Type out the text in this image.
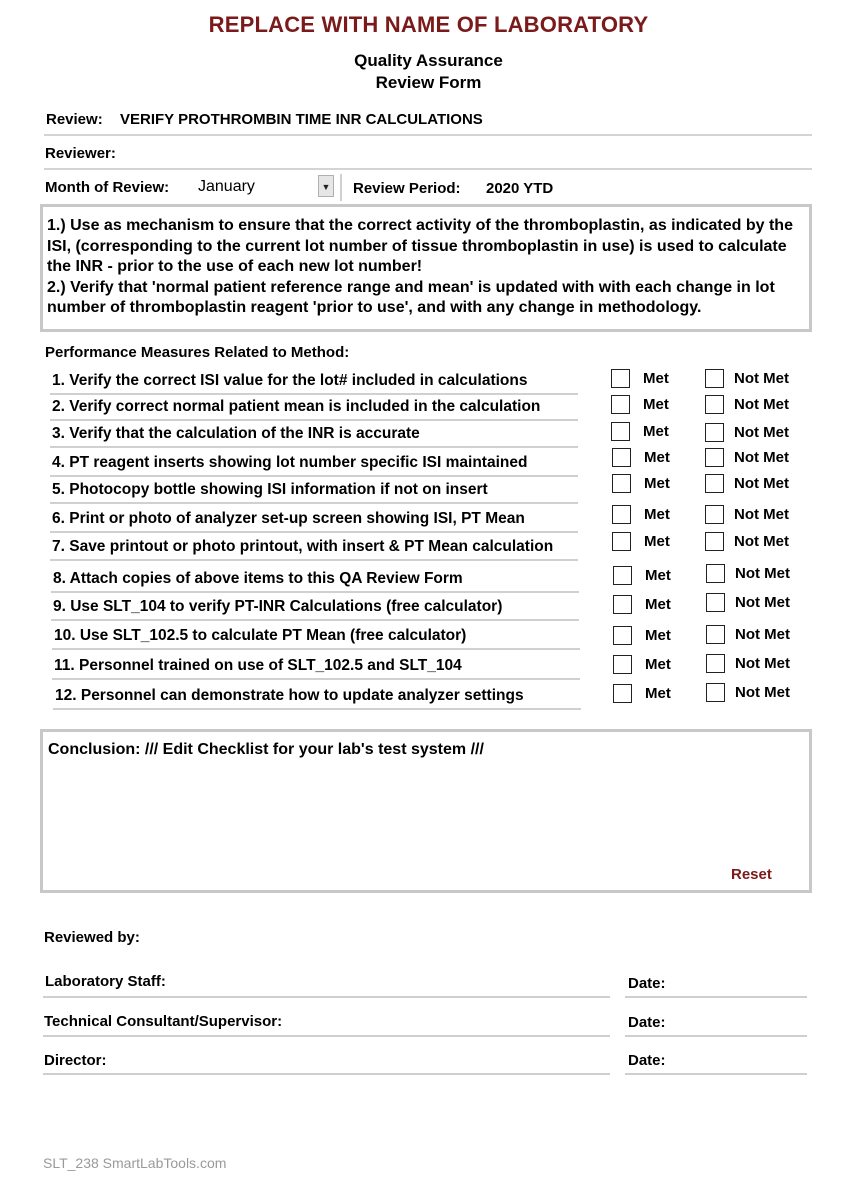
REPLACE WITH NAME OF LABORATORY
Quality Assurance
Review Form
Review: VERIFY PROTHROMBIN TIME INR CALCULATIONS
Reviewer:
Month of Review: January	▼ Review Period: 2020 YTD

1.) Use as mechanism to ensure that the correct activity of the thromboplastin, as indicated by the ISI, (corresponding to the current lot number of tissue thromboplastin in use) is used to calculate the INR - prior to the use of each new lot number!

2.) Verify that 'normal patient reference range and mean' is updated with with each change in lot number of thromboplastin reagent 'prior to use', and with any change in methodology.

Performance Measures Related to Method:
1. Verify the correct ISI value for the lot# included in calculations	Met	Not Met
2. Verify correct normal patient mean is included in the calculation	Met	Not Met
3. Verify that the calculation of the INR is accurate	Met	Not Met
4. PT reagent inserts showing lot number specific ISI maintained	Met	Not Met
5. Photocopy bottle showing ISI information if not on insert	Met	Not Met
6. Print or photo of analyzer set-up screen showing ISI, PT Mean	Met	Not Met
7. Save printout or photo printout, with insert & PT Mean calculation	Met	Not Met
8. Attach copies of above items to this QA Review Form	Met	Not Met
9. Use SLT_104 to verify PT-INR Calculations (free calculator)	Met	Not Met
10. Use SLT_102.5 to calculate PT Mean (free calculator)	Met	Not Met
11. Personnel trained on use of SLT_102.5 and SLT_104	Met	Not Met
12. Personnel can demonstrate how to update analyzer settings	Met	Not Met
Conclusion: /// Edit Checklist for your lab's test system ///
Reset
Reviewed by:
Laboratory Staff:	Date:
Technical Consultant/Supervisor:	Date:
Director:	Date:
SLT_238 SmartLabTools.com
